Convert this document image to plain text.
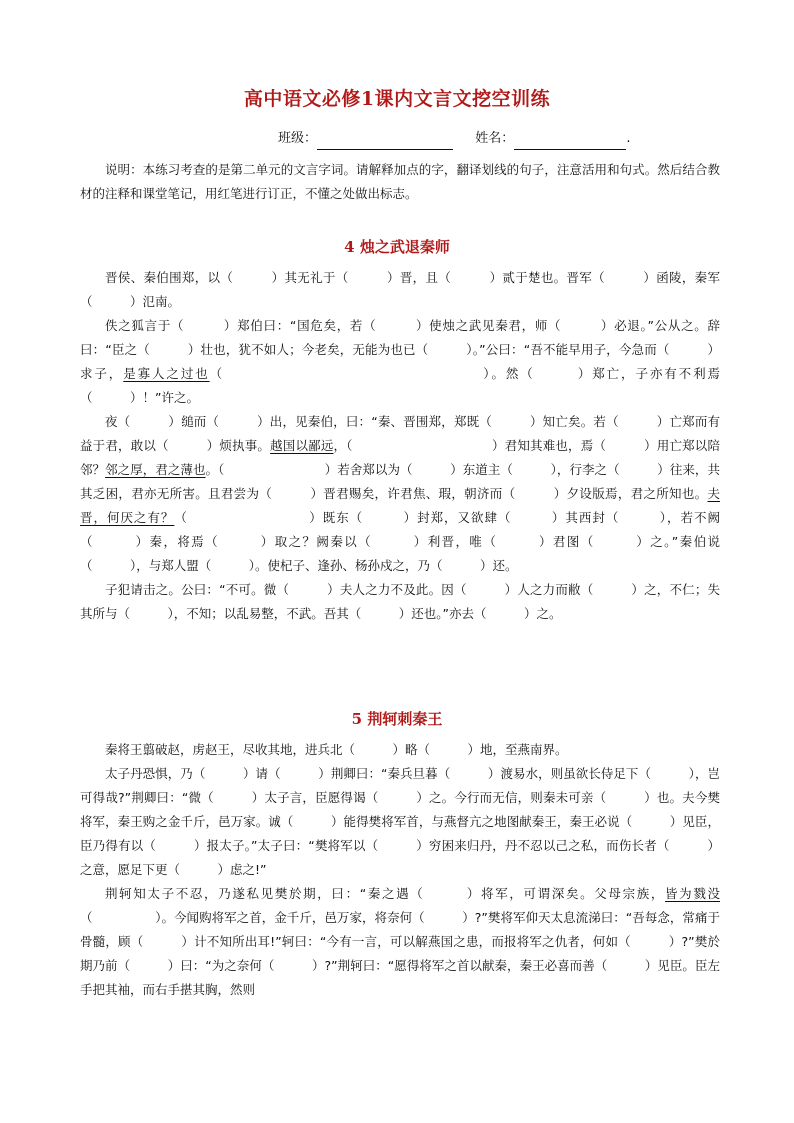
高中语文必修1课内文言文挖空训练
班级：	姓名：	.

说明：本练习考查的是第二单元的文言字词。请解释加点的字，翻译划线的句子，注意活用和句式。然后结合教材的注释和课堂笔记，用红笔进行订正，不懂之处做出标志。

4 烛之武退秦师

晋侯、秦伯围郑，以（　　　）其无礼于（　　　）晋，且（　　　）贰于楚也。晋军（　　　）函陵，秦军（　　　）氾南。

佚之狐言于（　　　）郑伯曰：“国危矣，若（　　　）使烛之武见秦君，师（　　　）必退。”公从之。辞曰：“臣之（　　　）壮也，犹不如人；今老矣，无能为也已（　　　）。”公曰：“吾不能早用子，今急而（　　　）求子，是寡人之过也（　　　　　　　　　　　　　　　　　　）。然（　　　）郑亡，子亦有不利焉（　　　）！”许之。

夜（　　　）缒而（　　　）出，见秦伯，曰：“秦、晋围郑，郑既（　　　）知亡矣。若（　　　）亡郑而有益于君，敢以（　　　）烦执事。越国以鄙远，（　　　　　　　　　　　）君知其难也，焉（　　　）用亡郑以陪邻？邻之厚，君之薄也。（　　　　　　　　）若舍郑以为（　　　）东道主（　　　），行李之（　　　）往来，共其乏困，君亦无所害。且君尝为（　　　）晋君赐矣，许君焦、瑕，朝济而（　　　）夕设版焉，君之所知也。夫晋，何厌之有？（　　　　　　　　　）既东（　　　）封郑，又欲肆（　　　）其西封（　　　），若不阙（　　　）秦，将焉（　　　）取之？阙秦以（　　　）利晋，唯（　　　）君图（　　　）之。”秦伯说（　　　），与郑人盟（　　　）。使杞子、逢孙、杨孙戍之，乃（　　　）还。

子犯请击之。公曰：“不可。微（　　　）夫人之力不及此。因（　　　）人之力而敝（　　　）之，不仁；失其所与（　　　），不知；以乱易整，不武。吾其（　　　）还也。”亦去（　　　）之。

5 荆轲刺秦王

秦将王翦破赵，虏赵王，尽收其地，进兵北（　　　）略（　　　）地，至燕南界。

太子丹恐惧，乃（　　　）请（　　　）荆卿曰：“秦兵旦暮（　　　）渡易水，则虽欲长侍足下（　　　），岂可得哉?”荆卿曰：“微（　　　）太子言，臣愿得谒（　　　）之。今行而无信，则秦未可亲（　　　）也。夫今樊将军，秦王购之金千斤，邑万家。诚（　　　）能得樊将军首，与燕督亢之地图献秦王，秦王必说（　　　）见臣，臣乃得有以（　　　）报太子。”太子曰：“樊将军以（　　　）穷困来归丹，丹不忍以己之私，而伤长者（　　　）之意，愿足下更（　　　）虑之!”

荆轲知太子不忍，乃遂私见樊於期，曰：“秦之遇（　　　）将军，可谓深矣。父母宗族，皆为戮没（　　　　　）。今闻购将军之首，金千斤，邑万家，将奈何（　　　）?”樊将军仰天太息流涕曰：“吾每念，常痛于骨髓，顾（　　　）计不知所出耳!”轲曰：“今有一言，可以解燕国之患，而报将军之仇者，何如（　　　）?”樊於期乃前（　　　）曰：“为之奈何（　　　）?”荆轲曰：“愿得将军之首以献秦，秦王必喜而善（　　　）见臣。臣左手把其袖，而右手揕其胸，然则
